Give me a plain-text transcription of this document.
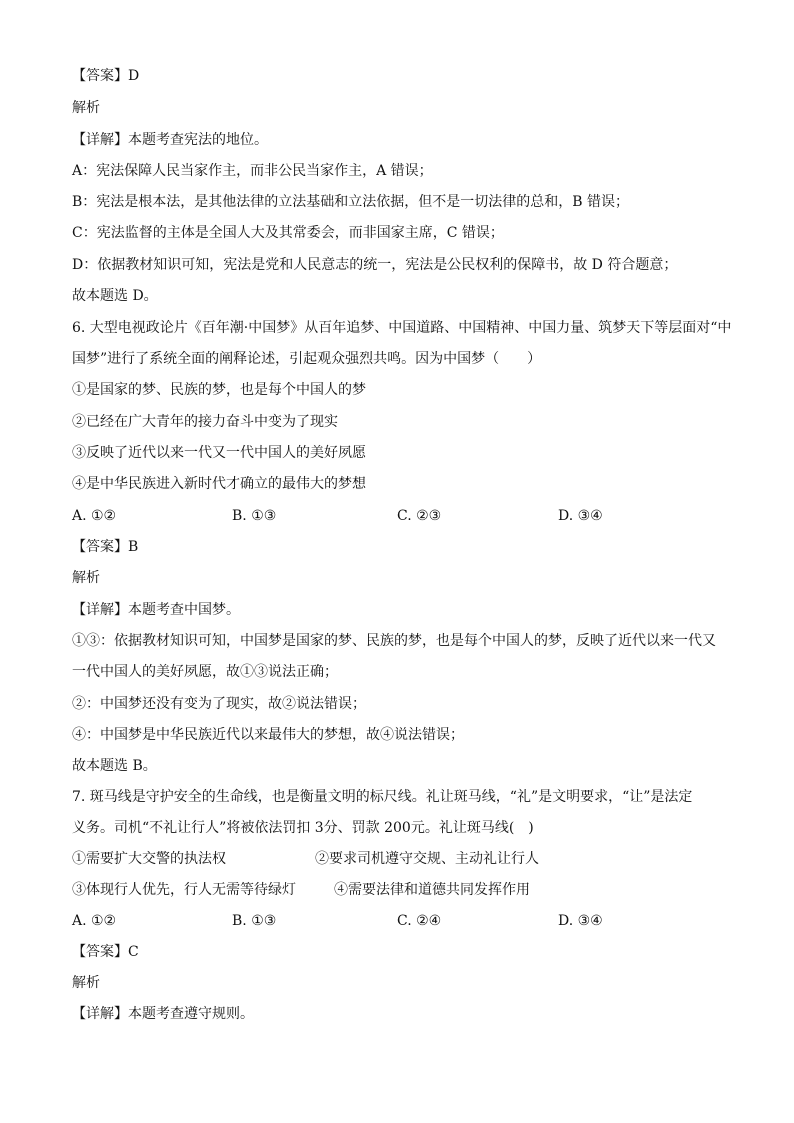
【答案】D
解析
【详解】本题考查宪法的地位。
A：宪法保障人民当家作主，而非公民当家作主，A 错误；
B：宪法是根本法，是其他法律的立法基础和立法依据，但不是一切法律的总和，B 错误；
C：宪法监督的主体是全国人大及其常委会，而非国家主席，C 错误；
D：依据教材知识可知，宪法是党和人民意志的统一，宪法是公民权利的保障书，故 D 符合题意；
故本题选 D。
6. 大型电视政论片《百年潮·中国梦》从百年追梦、中国道路、中国精神、中国力量、筑梦天下等层面对“中
国梦”进行了系统全面的阐释论述，引起观众强烈共鸣。因为中国梦（　　）
①是国家的梦、民族的梦，也是每个中国人的梦
②已经在广大青年的接力奋斗中变为了现实
③反映了近代以来一代又一代中国人的美好夙愿
④是中华民族进入新时代才确立的最伟大的梦想
A. ①②	B. ①③	C. ②③	D. ③④
【答案】B
解析
【详解】本题考查中国梦。
①③：依据教材知识可知，中国梦是国家的梦、民族的梦，也是每个中国人的梦，反映了近代以来一代又
一代中国人的美好夙愿，故①③说法正确；
②：中国梦还没有变为了现实，故②说法错误；
④：中国梦是中华民族近代以来最伟大的梦想，故④说法错误；
故本题选 B。
7. 斑马线是守护安全的生命线，也是衡量文明的标尺线。礼让斑马线，“礼”是文明要求，“让”是法定
义务。司机“不礼让行人”将被依法罚扣 3分、罚款 200元。礼让斑马线(　)
①需要扩大交警的执法权	②要求司机遵守交规、主动礼让行人
③体现行人优先，行人无需等待绿灯	④需要法律和道德共同发挥作用
A. ①②	B. ①③	C. ②④	D. ③④
【答案】C
解析
【详解】本题考查遵守规则。
